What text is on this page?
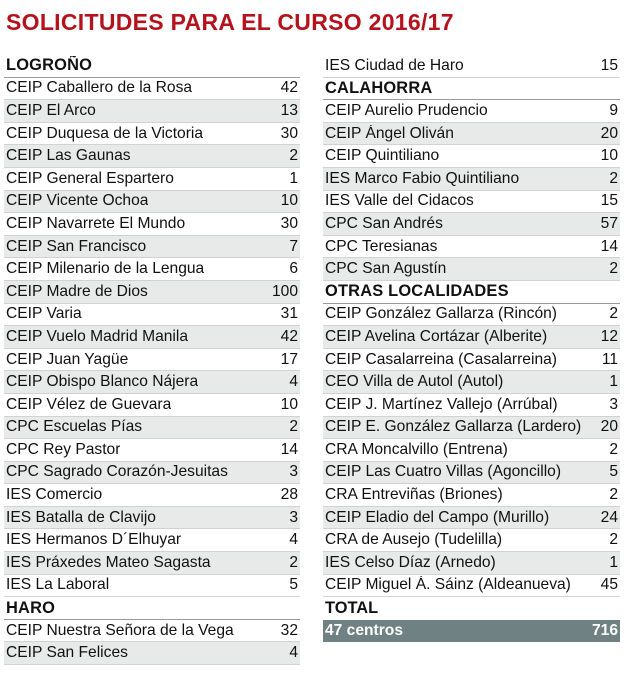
SOLICITUDES PARA EL CURSO 2016/17
LOGROÑO
CEIP Caballero de la Rosa	42
CEIP El Arco	13
CEIP Duquesa de la Victoria	30
CEIP Las Gaunas	2
CEIP General Espartero	1
CEIP Vicente Ochoa	10
CEIP Navarrete El Mundo	30
CEIP San Francisco	7
CEIP Milenario de la Lengua	6
CEIP Madre de Dios	100
CEIP Varia	31
CEIP Vuelo Madrid Manila	42
CEIP Juan Yagüe	17
CEIP Obispo Blanco Nájera	4
CEIP Vélez de Guevara	10
CPC Escuelas Pías	2
CPC Rey Pastor	14
CPC Sagrado Corazón-Jesuitas	3
IES Comercio	28
IES Batalla de Clavijo	3
IES Hermanos D´Elhuyar	4
IES Práxedes Mateo Sagasta	2
IES La Laboral	5
HARO
CEIP Nuestra Señora de la Vega	32
CEIP San Felices	4
IES Ciudad de Haro	15
CALAHORRA
CEIP Aurelio Prudencio	9
CEIP Ángel Oliván	20
CEIP Quintiliano	10
IES Marco Fabio Quintiliano	2
IES Valle del Cidacos	15
CPC San Andrés	57
CPC Teresianas	14
CPC San Agustín	2
OTRAS LOCALIDADES
CEIP González Gallarza (Rincón)	2
CEIP Avelina Cortázar (Alberite)	12
CEIP Casalarreina (Casalarreina)	11
CEO Villa de Autol (Autol)	1
CEIP J. Martínez Vallejo (Arrúbal)	3
CEIP E. González Gallarza (Lardero) 20
CRA Moncalvillo (Entrena)	2
CEIP Las Cuatro Villas (Agoncillo)	5
CRA Entreviñas (Briones)	2
CEIP Eladio del Campo (Murillo)	24
CRA de Ausejo (Tudelilla)	2
IES Celso Díaz (Arnedo)	1
CEIP Miguel Á. Sáinz (Aldeanueva) 45
TOTAL
47 centros	716
